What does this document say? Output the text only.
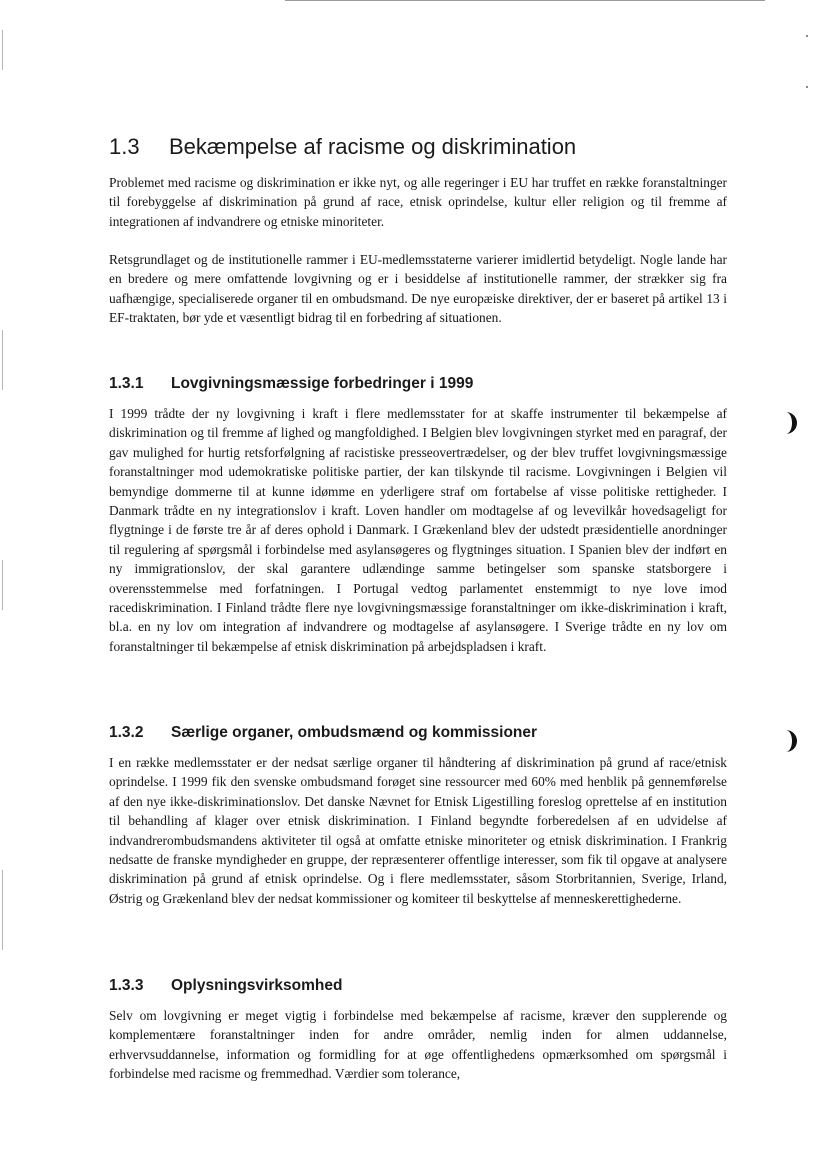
1.3 Bekæmpelse af racisme og diskrimination

Problemet med racisme og diskrimination er ikke nyt, og alle regeringer i EU har truffet en række foranstaltninger til forebyggelse af diskrimination på grund af race, etnisk oprindelse, kultur eller religion og til fremme af integrationen af indvandrere og etniske minoriteter.

Retsgrundlaget og de institutionelle rammer i EU-medlemsstaterne varierer imidlertid betydeligt. Nogle lande har en bredere og mere omfattende lovgivning og er i besiddelse af institutionelle rammer, der strækker sig fra uafhængige, specialiserede organer til en ombudsmand. De nye europæiske direktiver, der er baseret på artikel 13 i EF-traktaten, bør yde et væsentligt bidrag til en forbedring af situationen.

1.3.1 Lovgivningsmæssige forbedringer i 1999

I 1999 trådte der ny lovgivning i kraft i flere medlemsstater for at skaffe instrumenter til bekæmpelse af diskrimination og til fremme af lighed og mangfoldighed. I Belgien blev lovgivningen styrket med en paragraf, der gav mulighed for hurtig retsforfølgning af racistiske presseovertrædelser, og der blev truffet lovgivningsmæssige foranstaltninger mod udemokratiske politiske partier, der kan tilskynde til racisme. Lovgivningen i Belgien vil bemyndige dommerne til at kunne idømme en yderligere straf om fortabelse af visse politiske rettigheder. I Danmark trådte en ny integrationslov i kraft. Loven handler om modtagelse af og levevilkår hovedsageligt for flygtninge i de første tre år af deres ophold i Danmark. I Grækenland blev der udstedt præsidentielle anordninger til regulering af spørgsmål i forbindelse med asylansøgeres og flygtninges situation. I Spanien blev der indført en ny immigrationslov, der skal garantere udlændinge samme betingelser som spanske statsborgere i overensstemmelse med forfatningen. I Portugal vedtog parlamentet enstemmigt to nye love imod racediskrimination. I Finland trådte flere nye lovgivningsmæssige foranstaltninger om ikke-diskrimination i kraft, bl.a. en ny lov om integration af indvandrere og modtagelse af asylansøgere. I Sverige trådte en ny lov om foranstaltninger til bekæmpelse af etnisk diskrimination på arbejdspladsen i kraft.

1.3.2 Særlige organer, ombudsmænd og kommissioner

I en række medlemsstater er der nedsat særlige organer til håndtering af diskrimination på grund af race/etnisk oprindelse. I 1999 fik den svenske ombudsmand forøget sine ressourcer med 60% med henblik på gennemførelse af den nye ikke-diskriminationslov. Det danske Nævnet for Etnisk Ligestilling foreslog oprettelse af en institution til behandling af klager over etnisk diskrimination. I Finland begyndte forberedelsen af en udvidelse af indvandrerombudsmandens aktiviteter til også at omfatte etniske minoriteter og etnisk diskrimination. I Frankrig nedsatte de franske myndigheder en gruppe, der repræsenterer offentlige interesser, som fik til opgave at analysere diskrimination på grund af etnisk oprindelse. Og i flere medlemsstater, såsom Storbritannien, Sverige, Irland, Østrig og Grækenland blev der nedsat kommissioner og komiteer til beskyttelse af menneskerettighederne.

1.3.3 Oplysningsvirksomhed

Selv om lovgivning er meget vigtig i forbindelse med bekæmpelse af racisme, kræver den supplerende og komplementære foranstaltninger inden for andre områder, nemlig inden for almen uddannelse, erhvervsuddannelse, information og formidling for at øge offentlighedens opmærksomhed om spørgsmål i forbindelse med racisme og fremmedhad. Værdier som tolerance,
